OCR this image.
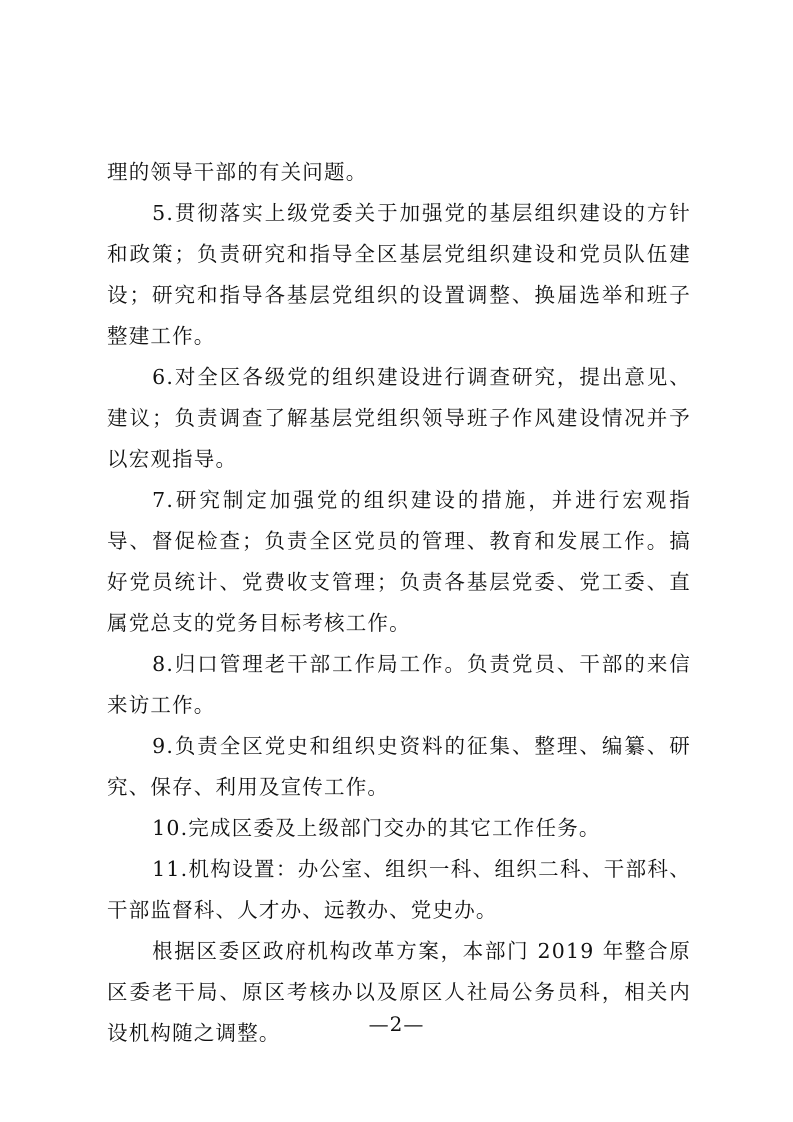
理的领导干部的有关问题。

5.贯彻落实上级党委关于加强党的基层组织建设的方针和政策；负责研究和指导全区基层党组织建设和党员队伍建设；研究和指导各基层党组织的设置调整、换届选举和班子整建工作。

6.对全区各级党的组织建设进行调查研究，提出意见、建议；负责调查了解基层党组织领导班子作风建设情况并予以宏观指导。

7.研究制定加强党的组织建设的措施，并进行宏观指导、督促检查；负责全区党员的管理、教育和发展工作。搞好党员统计、党费收支管理；负责各基层党委、党工委、直属党总支的党务目标考核工作。

8.归口管理老干部工作局工作。负责党员、干部的来信来访工作。

9.负责全区党史和组织史资料的征集、整理、编纂、研究、保存、利用及宣传工作。

10.完成区委及上级部门交办的其它工作任务。

11.机构设置：办公室、组织一科、组织二科、干部科、干部监督科、人才办、远教办、党史办。

根据区委区政府机构改革方案，本部门 2019 年整合原区委老干局、原区考核办以及原区人社局公务员科，相关内设机构随之调整。	—2—
